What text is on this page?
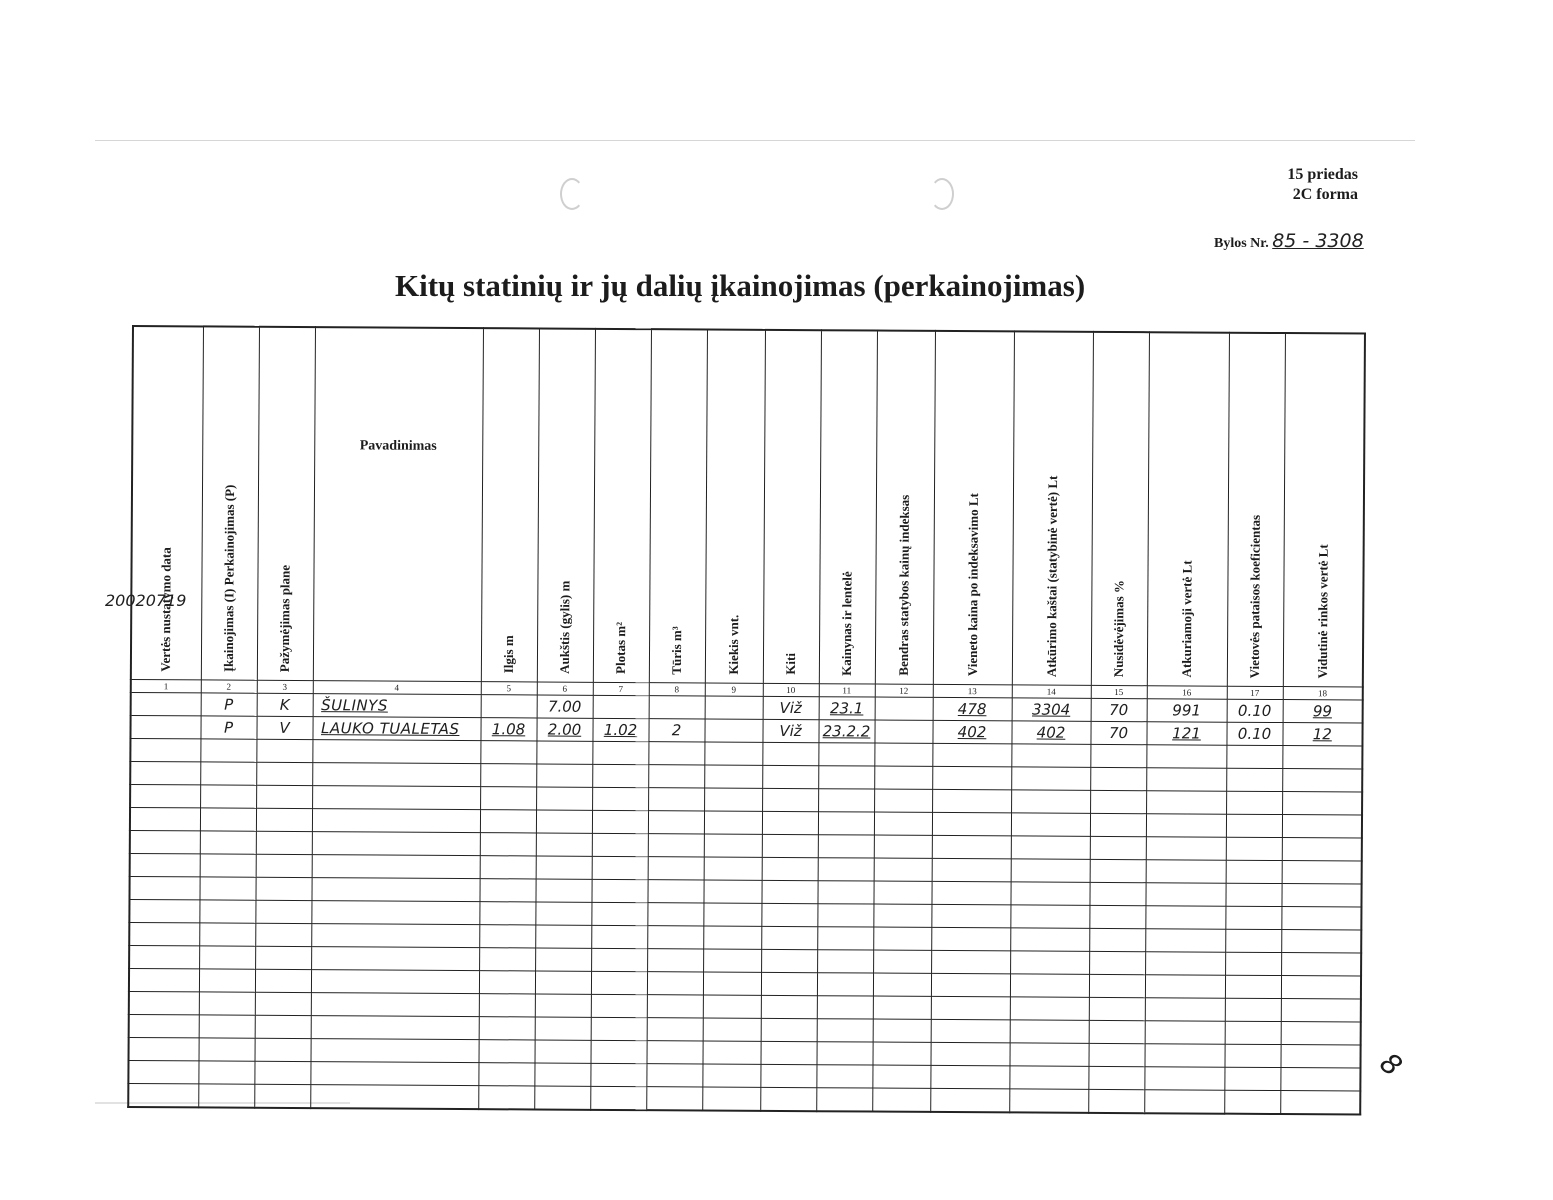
15 priedas
2C forma
Bylos Nr. 85 - 3308
Kitų statinių ir jų dalių įkainojimas (perkainojimas)
Vertės nustatymo data	Įkainojimas (I) Perkainojimas (P)	Pažymėjimas plane	Pavadinimas	Ilgis m	Aukštis (gylis) m	Plotas m²	Tūris m³	Kiekis vnt.	Kiti	Kainynas ir lentelė	Bendras statybos kainų indeksas	Vieneto kaina po indeksavimo Lt	Atkūrimo kaštai (statybinė vertė) Lt	Nusidėvėjimas %	Atkuriamoji vertė Lt	Vietovės pataisos koeficientas	Vidutinė rinkos vertė Lt
1	2	3	4	5	6	7	8	9	10	11	12	13	14	15	16	17	18
	P	K	ŠULINYS		7.00				Viž	23.1		478	3304	70	991	0.10	99
	P	V	LAUKO TUALETAS	1.08	2.00	1.02	2		Viž	23.2.2		402	402	70	121	0.10	12

20020719
8
